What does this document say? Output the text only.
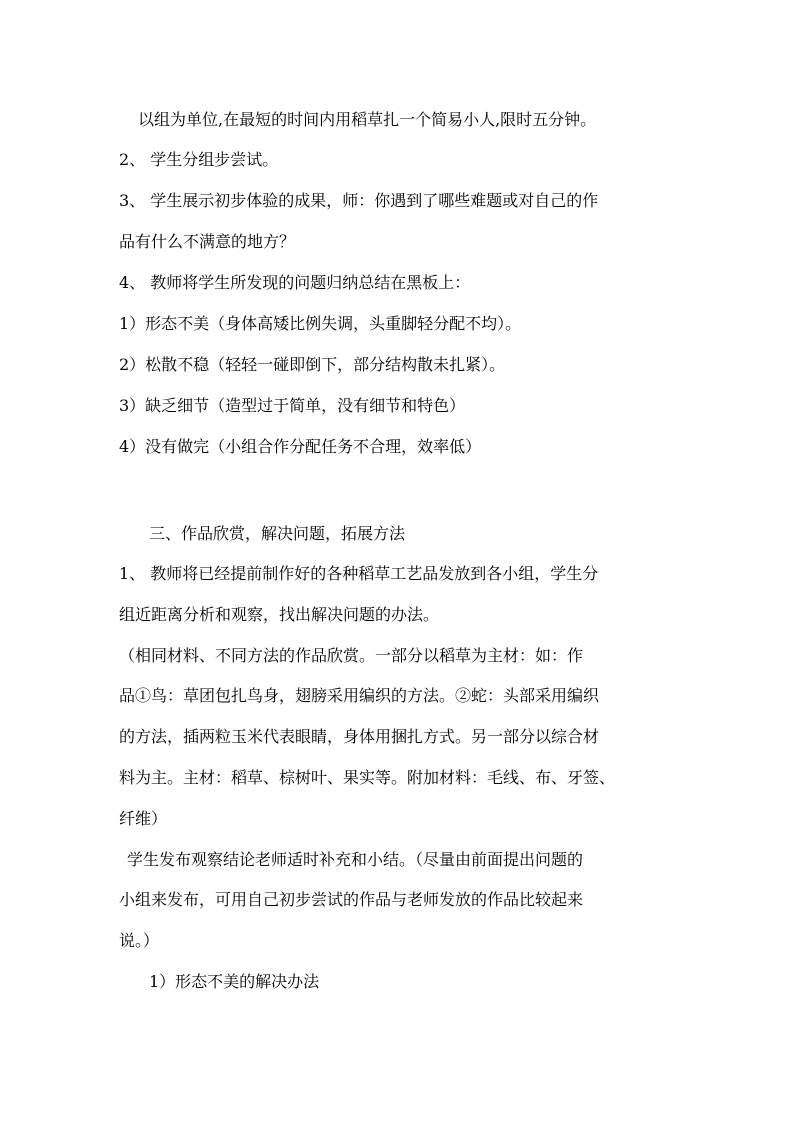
以组为单位,在最短的时间内用稻草扎一个简易小人,限时五分钟。
2、 学生分组步尝试。
3、 学生展示初步体验的成果，师：你遇到了哪些难题或对自己的作
品有什么不满意的地方？
4、 教师将学生所发现的问题归纳总结在黑板上：
1）形态不美（身体高矮比例失调，头重脚轻分配不均）。
2）松散不稳（轻轻一碰即倒下，部分结构散未扎紧）。
3）缺乏细节（造型过于简单，没有细节和特色）
4）没有做完（小组合作分配任务不合理，效率低）
三、作品欣赏，解决问题，拓展方法
1、 教师将已经提前制作好的各种稻草工艺品发放到各小组，学生分
组近距离分析和观察，找出解决问题的办法。
（相同材料、不同方法的作品欣赏。一部分以稻草为主材：如：作
品①鸟：草团包扎鸟身，翅膀采用编织的方法。②蛇：头部采用编织
的方法，插两粒玉米代表眼睛，身体用捆扎方式。另一部分以综合材
料为主。主材：稻草、棕树叶、果实等。附加材料：毛线、布、牙签、
纤维）
学生发布观察结论老师适时补充和小结。（尽量由前面提出问题的
小组来发布，可用自己初步尝试的作品与老师发放的作品比较起来
说。）
1）形态不美的解决办法
